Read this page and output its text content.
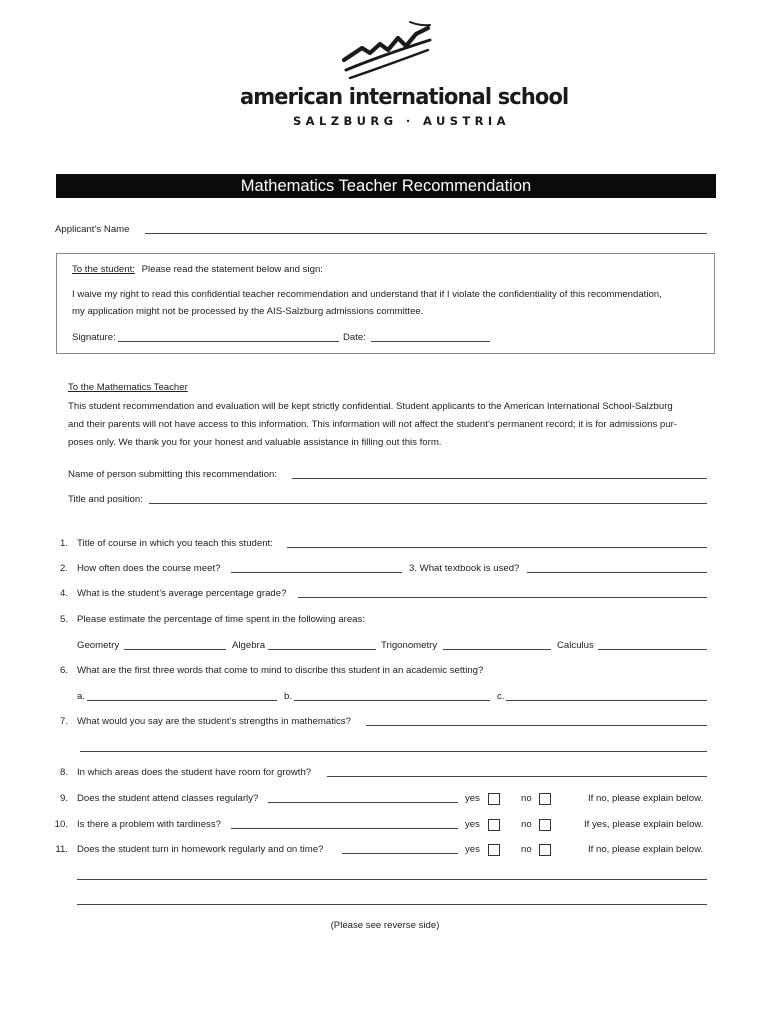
american international school
SALZBURG · AUSTRIA
Mathematics Teacher Recommendation
Applicant’s Name
To the student: Please read the statement below and sign:
I waive my right to read this confidential teacher recommendation and understand that if I violate the confidentiality of this recommendation,
my application might not be processed by the AIS-Salzburg admissions committee.
Signature:	Date:
To the Mathematics Teacher
This student recommendation and evaluation will be kept strictly confidential. Student applicants to the American International School-Salzburg
and their parents will not have access to this information. This information will not affect the student’s permanent record; it is for admissions pur-
poses only. We thank you for your honest and valuable assistance in filling out this form.
Name of person submitting this recommendation:
Title and position:
1. Title of course in which you teach this student:
2. How often does the course meet?	3. What textbook is used?
4. What is the student’s average percentage grade?
5. Please estimate the percentage of time spent in the following areas:
Geometry	Algebra	Trigonometry	Calculus
6. What are the first three words that come to mind to discribe this student in an academic setting?
a.	b.	c.
7. What would you say are the student’s strengths in mathematics?
8. In which areas does the student have room for growth?
9. Does the student attend classes regularly?	yes	no	If no, please explain below.
10. Is there a problem with tardiness?	yes	no	If yes, please explain below.
11. Does the student turn in homework regularly and on time?	yes	no	If no, please explain below.
(Please see reverse side)
